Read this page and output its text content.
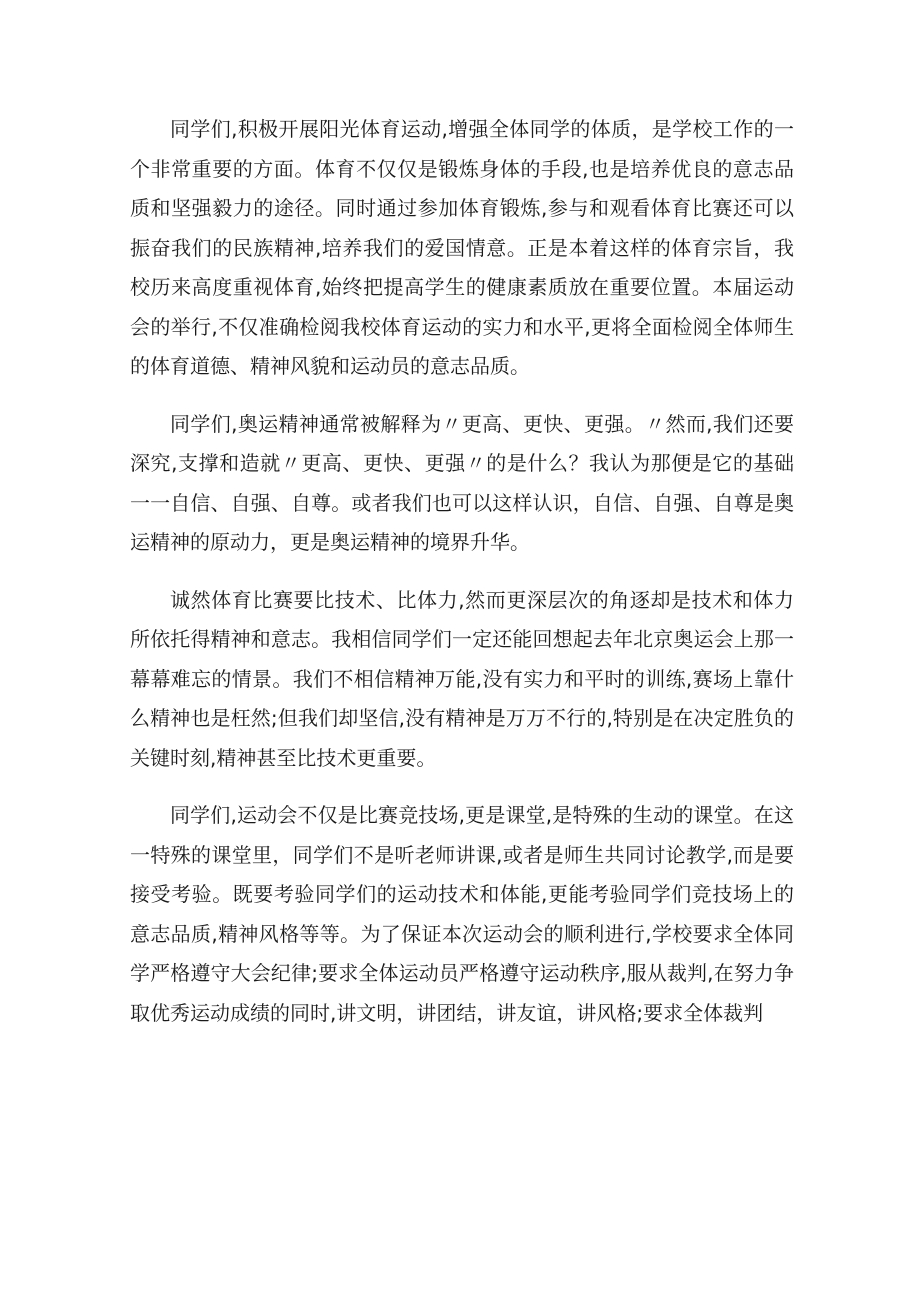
同学们,积极开展阳光体育运动,增强全体同学的体质，是学校工作的一个非常重要的方面。体育不仅仅是锻炼身体的手段,也是培养优良的意志品质和坚强毅力的途径。同时通过参加体育锻炼,参与和观看体育比赛还可以振奋我们的民族精神,培养我们的爱国情意。正是本着这样的体育宗旨，我校历来高度重视体育,始终把提高学生的健康素质放在重要位置。本届运动会的举行,不仅准确检阅我校体育运动的实力和水平,更将全面检阅全体师生的体育道德、精神风貌和运动员的意志品质。

同学们,奥运精神通常被解释为〃更高、更快、更强。〃然而,我们还要深究,支撑和造就〃更高、更快、更强〃的是什么？我认为那便是它的基础一一自信、自强、自尊。或者我们也可以这样认识，自信、自强、自尊是奥运精神的原动力，更是奥运精神的境界升华。

诚然体育比赛要比技术、比体力,然而更深层次的角逐却是技术和体力所依托得精神和意志。我相信同学们一定还能回想起去年北京奥运会上那一幕幕难忘的情景。我们不相信精神万能,没有实力和平时的训练,赛场上靠什么精神也是枉然;但我们却坚信,没有精神是万万不行的,特别是在决定胜负的关键时刻,精神甚至比技术更重要。

同学们,运动会不仅是比赛竞技场,更是课堂,是特殊的生动的课堂。在这一特殊的课堂里，同学们不是听老师讲课,或者是师生共同讨论教学,而是要接受考验。既要考验同学们的运动技术和体能,更能考验同学们竞技场上的意志品质,精神风格等等。为了保证本次运动会的顺利进行,学校要求全体同学严格遵守大会纪律;要求全体运动员严格遵守运动秩序,服从裁判,在努力争取优秀运动成绩的同时,讲文明，讲团结，讲友谊，讲风格;要求全体裁判
